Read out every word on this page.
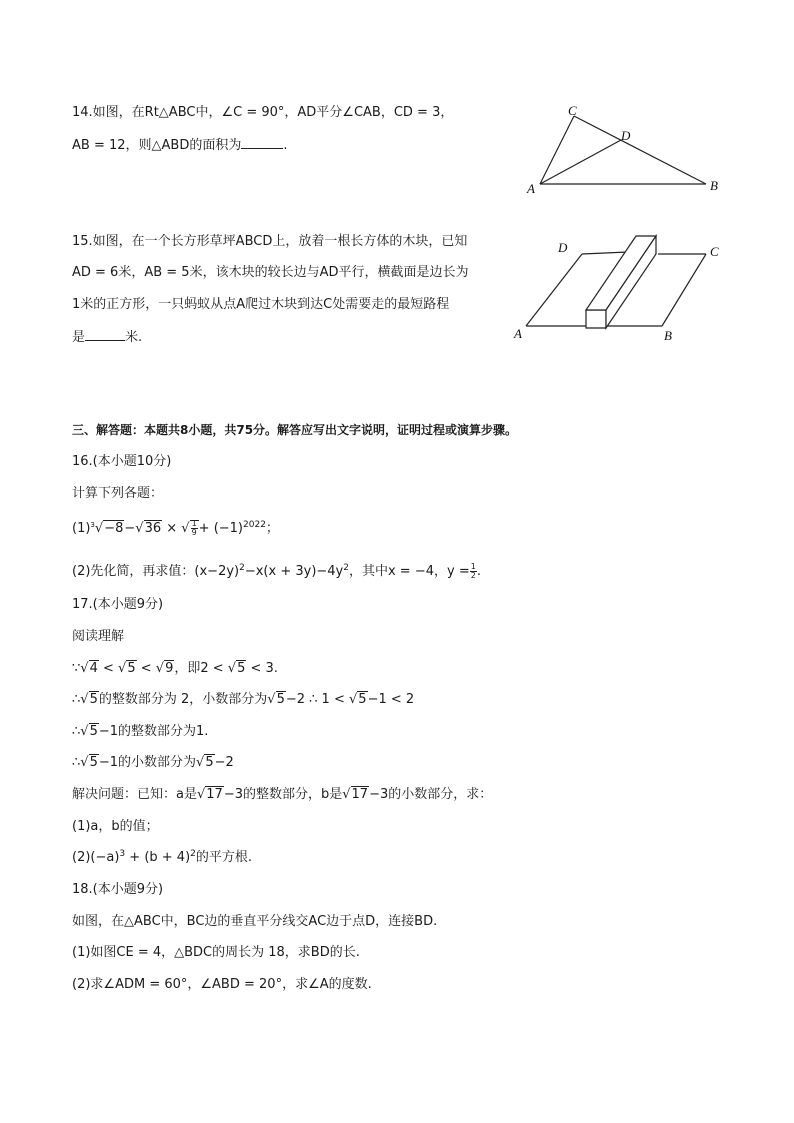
14.如图，在Rt△ABC中，∠C = 90°，AD平分∠CAB，CD = 3，
AB = 12，则△ABD的面积为	.
C
D
A	B
15.如图，在一个长方形草坪ABCD上，放着一根长方体的木块，已知
AD = 6米，AB = 5米，该木块的较长边与AD平行，横截面是边长为
1米的正方形，一只蚂蚁从点A爬过木块到达C处需要走的最短路程
是	米.	A	B
C
D
三、解答题：本题共8小题，共75分。解答应写出文字说明，证明过程或演算步骤。
16.(本小题10分)
计算下列各题：
$(1)^3√-8-√36$ × √ $\frac{1}{9} + (-1)^{2022}$；
(2)先化简，再求值：$(x-2y)^2-x(x + 3y)-4y^2$，其中x = −4，$y = \frac{1}{2}$ .
17.(本小题9分)
阅读理解
∵√4 < √5 < √9，即2 < √5 < 3.
∴√5的整数部分为 2，小数部分为√5−2 ∴ 1 < √5−1 < 2
∴√5−1的整数部分为1.
∴√5−1的小数部分为√5−2
解决问题：已知：a是√17−3的整数部分，b是√17−3的小数部分，求：
(1)a，b的值；
$(2)(-a)^3 + (b + 4)^2$的平方根.
18.(本小题9分)
如图，在△ABC中，BC边的垂直平分线交AC边于点D，连接BD.
(1)如图CE = 4，△BDC的周长为 18，求BD的长.
(2)求∠ADM = 60°，∠ABD = 20°，求∠A的度数.
